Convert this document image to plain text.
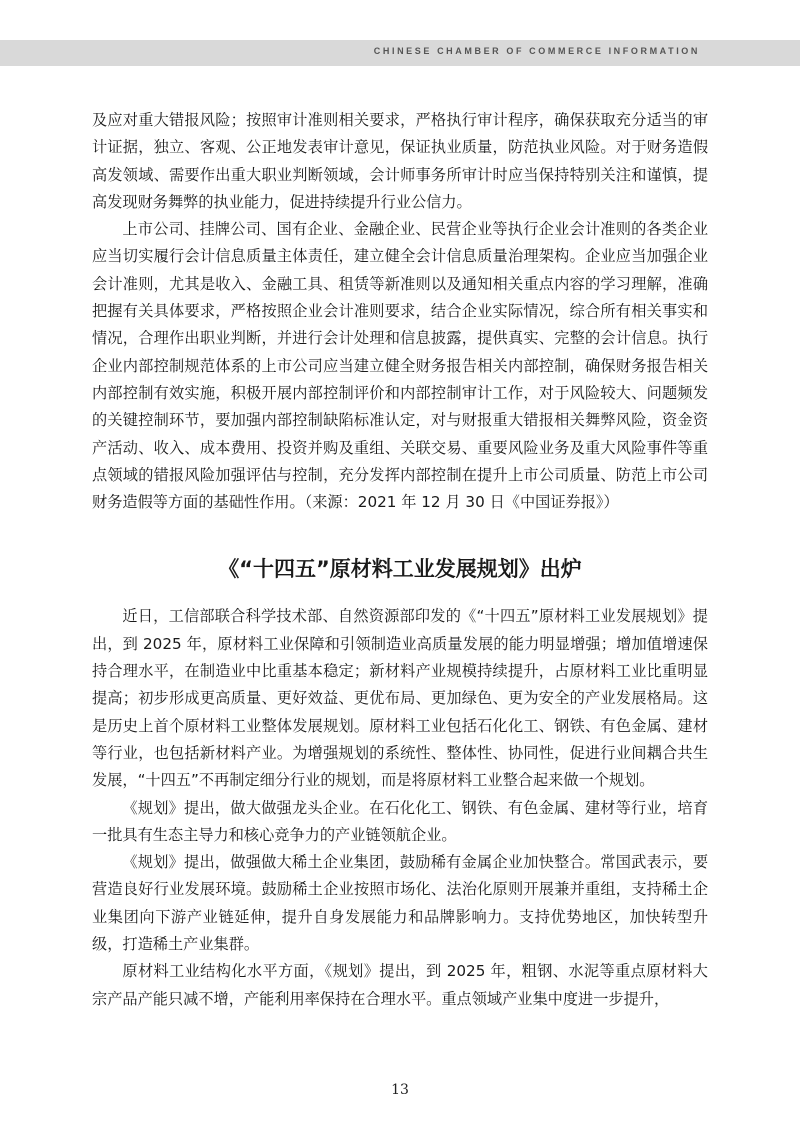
CHINESE CHAMBER OF COMMERCE INFORMATION

及应对重大错报风险；按照审计准则相关要求，严格执行审计程序，确保获取充分适当的审计证据，独立、客观、公正地发表审计意见，保证执业质量，防范执业风险。对于财务造假高发领域、需要作出重大职业判断领域，会计师事务所审计时应当保持特别关注和谨慎，提高发现财务舞弊的执业能力，促进持续提升行业公信力。

上市公司、挂牌公司、国有企业、金融企业、民营企业等执行企业会计准则的各类企业应当切实履行会计信息质量主体责任，建立健全会计信息质量治理架构。企业应当加强企业会计准则，尤其是收入、金融工具、租赁等新准则以及通知相关重点内容的学习理解，准确把握有关具体要求，严格按照企业会计准则要求，结合企业实际情况，综合所有相关事实和情况，合理作出职业判断，并进行会计处理和信息披露，提供真实、完整的会计信息。执行企业内部控制规范体系的上市公司应当建立健全财务报告相关内部控制，确保财务报告相关内部控制有效实施，积极开展内部控制评价和内部控制审计工作，对于风险较大、问题频发的关键控制环节，要加强内部控制缺陷标准认定，对与财报重大错报相关舞弊风险，资金资产活动、收入、成本费用、投资并购及重组、关联交易、重要风险业务及重大风险事件等重点领域的错报风险加强评估与控制，充分发挥内部控制在提升上市公司质量、防范上市公司财务造假等方面的基础性作用。（来源：2021 年 12 月 30 日《中国证券报》）

《“十四五”原材料工业发展规划》出炉

近日，工信部联合科学技术部、自然资源部印发的《“十四五”原材料工业发展规划》提出，到 2025 年，原材料工业保障和引领制造业高质量发展的能力明显增强；增加值增速保持合理水平，在制造业中比重基本稳定；新材料产业规模持续提升，占原材料工业比重明显提高；初步形成更高质量、更好效益、更优布局、更加绿色、更为安全的产业发展格局。这是历史上首个原材料工业整体发展规划。原材料工业包括石化化工、钢铁、有色金属、建材等行业，也包括新材料产业。为增强规划的系统性、整体性、协同性，促进行业间耦合共生发展，“十四五”不再制定细分行业的规划，而是将原材料工业整合起来做一个规划。

《规划》提出，做大做强龙头企业。在石化化工、钢铁、有色金属、建材等行业，培育一批具有生态主导力和核心竞争力的产业链领航企业。

《规划》提出，做强做大稀土企业集团，鼓励稀有金属企业加快整合。常国武表示，要营造良好行业发展环境。鼓励稀土企业按照市场化、法治化原则开展兼并重组，支持稀土企业集团向下游产业链延伸，提升自身发展能力和品牌影响力。支持优势地区，加快转型升级，打造稀土产业集群。

原材料工业结构化水平方面，《规划》提出，到 2025 年，粗钢、水泥等重点原材料大宗产品产能只减不增，产能利用率保持在合理水平。重点领域产业集中度进一步提升，

13
